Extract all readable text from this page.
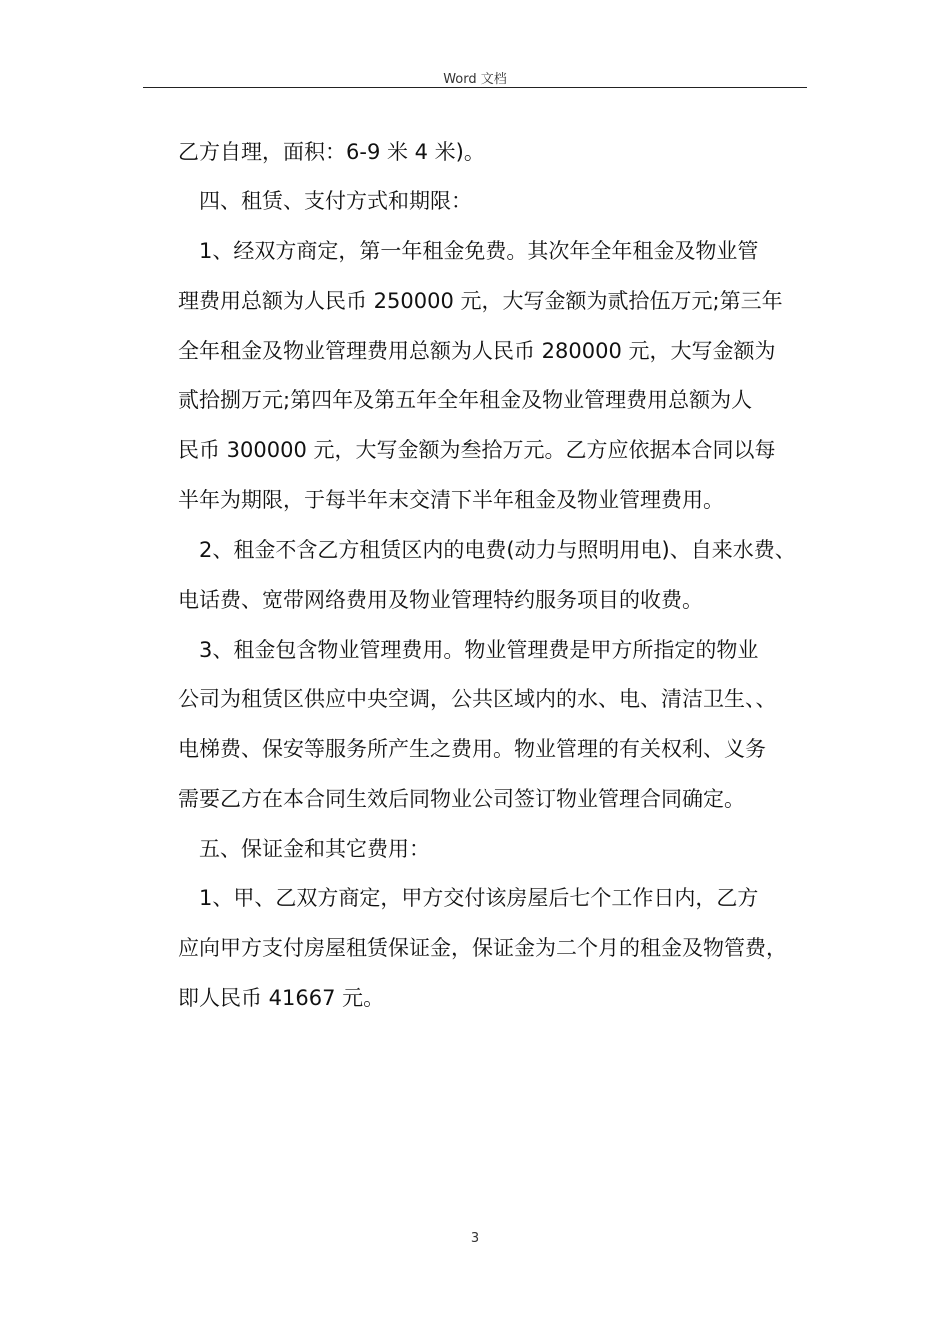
Word 文档
乙方自理，面积：6-9 米 4 米)。
四、租赁、支付方式和期限：
1、经双方商定，第一年租金免费。其次年全年租金及物业管
理费用总额为人民币 250000 元，大写金额为贰拾伍万元;第三年
全年租金及物业管理费用总额为人民币 280000 元，大写金额为
贰拾捌万元;第四年及第五年全年租金及物业管理费用总额为人
民币 300000 元，大写金额为叁拾万元。乙方应依据本合同以每
半年为期限，于每半年末交清下半年租金及物业管理费用。
2、租金不含乙方租赁区内的电费(动力与照明用电)、自来水费、
电话费、宽带网络费用及物业管理特约服务项目的收费。
3、租金包含物业管理费用。物业管理费是甲方所指定的物业
公司为租赁区供应中央空调，公共区域内的水、电、清洁卫生、、
电梯费、保安等服务所产生之费用。物业管理的有关权利、义务
需要乙方在本合同生效后同物业公司签订物业管理合同确定。
五、保证金和其它费用：
1、甲、乙双方商定，甲方交付该房屋后七个工作日内，乙方
应向甲方支付房屋租赁保证金，保证金为二个月的租金及物管费，
即人民币 41667 元。
3
